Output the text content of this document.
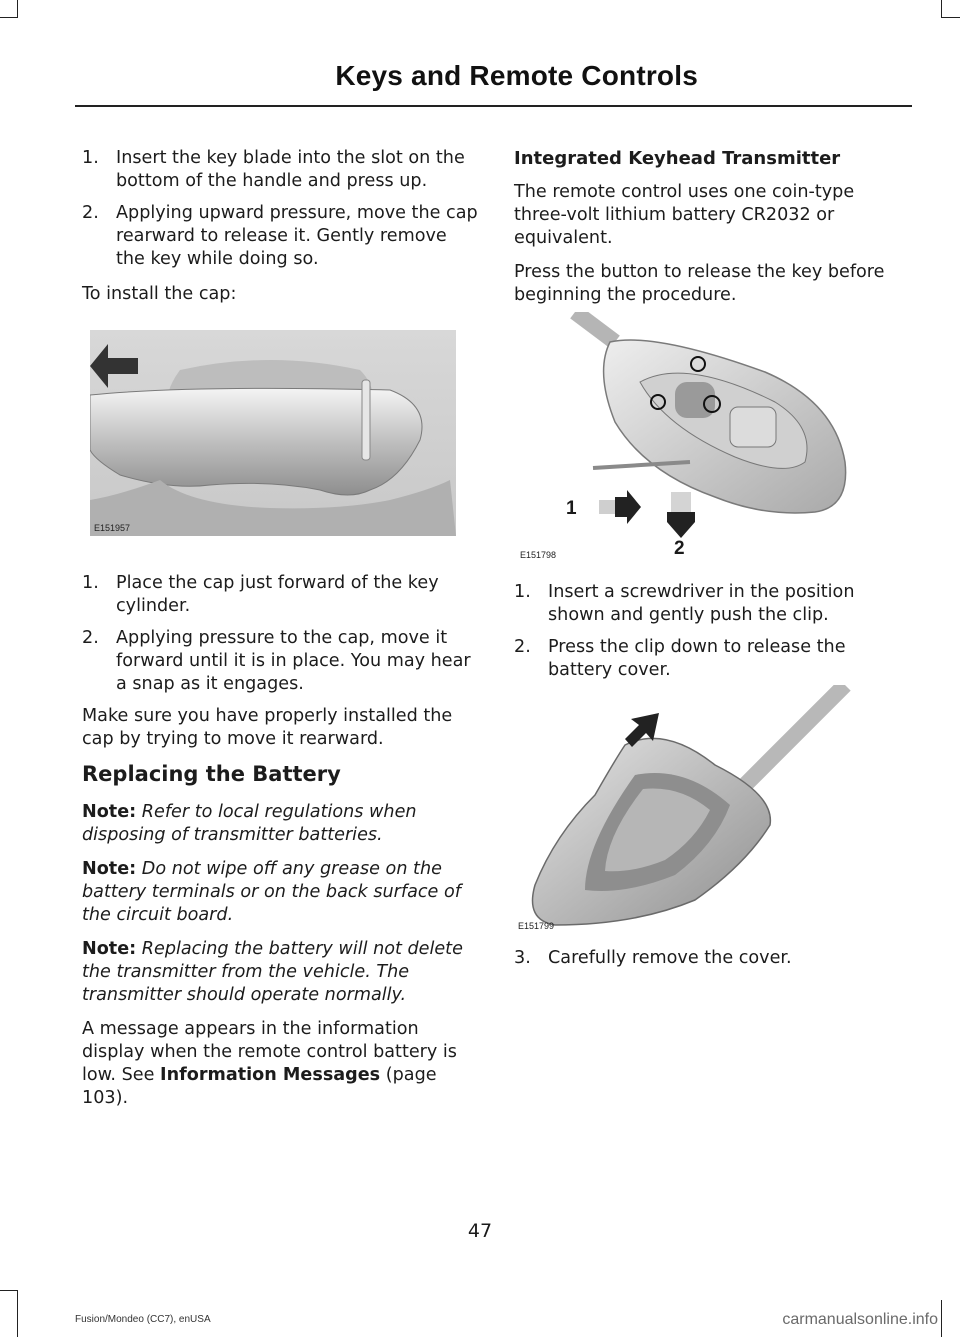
Keys and Remote Controls
1. Insert the key blade into the slot on the bottom of the handle and press up.
2. Applying upward pressure, move the cap rearward to release it. Gently remove the key while doing so.
To install the cap:
E151957
1. Place the cap just forward of the key cylinder.
2. Applying pressure to the cap, move it forward until it is in place. You may hear a snap as it engages.
Make sure you have properly installed the cap by trying to move it rearward.
Replacing the Battery
Note: Refer to local regulations when disposing of transmitter batteries.
Note: Do not wipe off any grease on the battery terminals or on the back surface of the circuit board.
Note: Replacing the battery will not delete the transmitter from the vehicle. The transmitter should operate normally.
A message appears in the information display when the remote control battery is low. See Information Messages (page 103).
Integrated Keyhead Transmitter
The remote control uses one coin-type three-volt lithium battery CR2032 or equivalent.
Press the button to release the key before beginning the procedure.
1
2
E151798
1. Insert a screwdriver in the position shown and gently push the clip.
2. Press the clip down to release the battery cover.
E151799
3. Carefully remove the cover.
47
Fusion/Mondeo (CC7), enUSA	carmanualsonline.info
